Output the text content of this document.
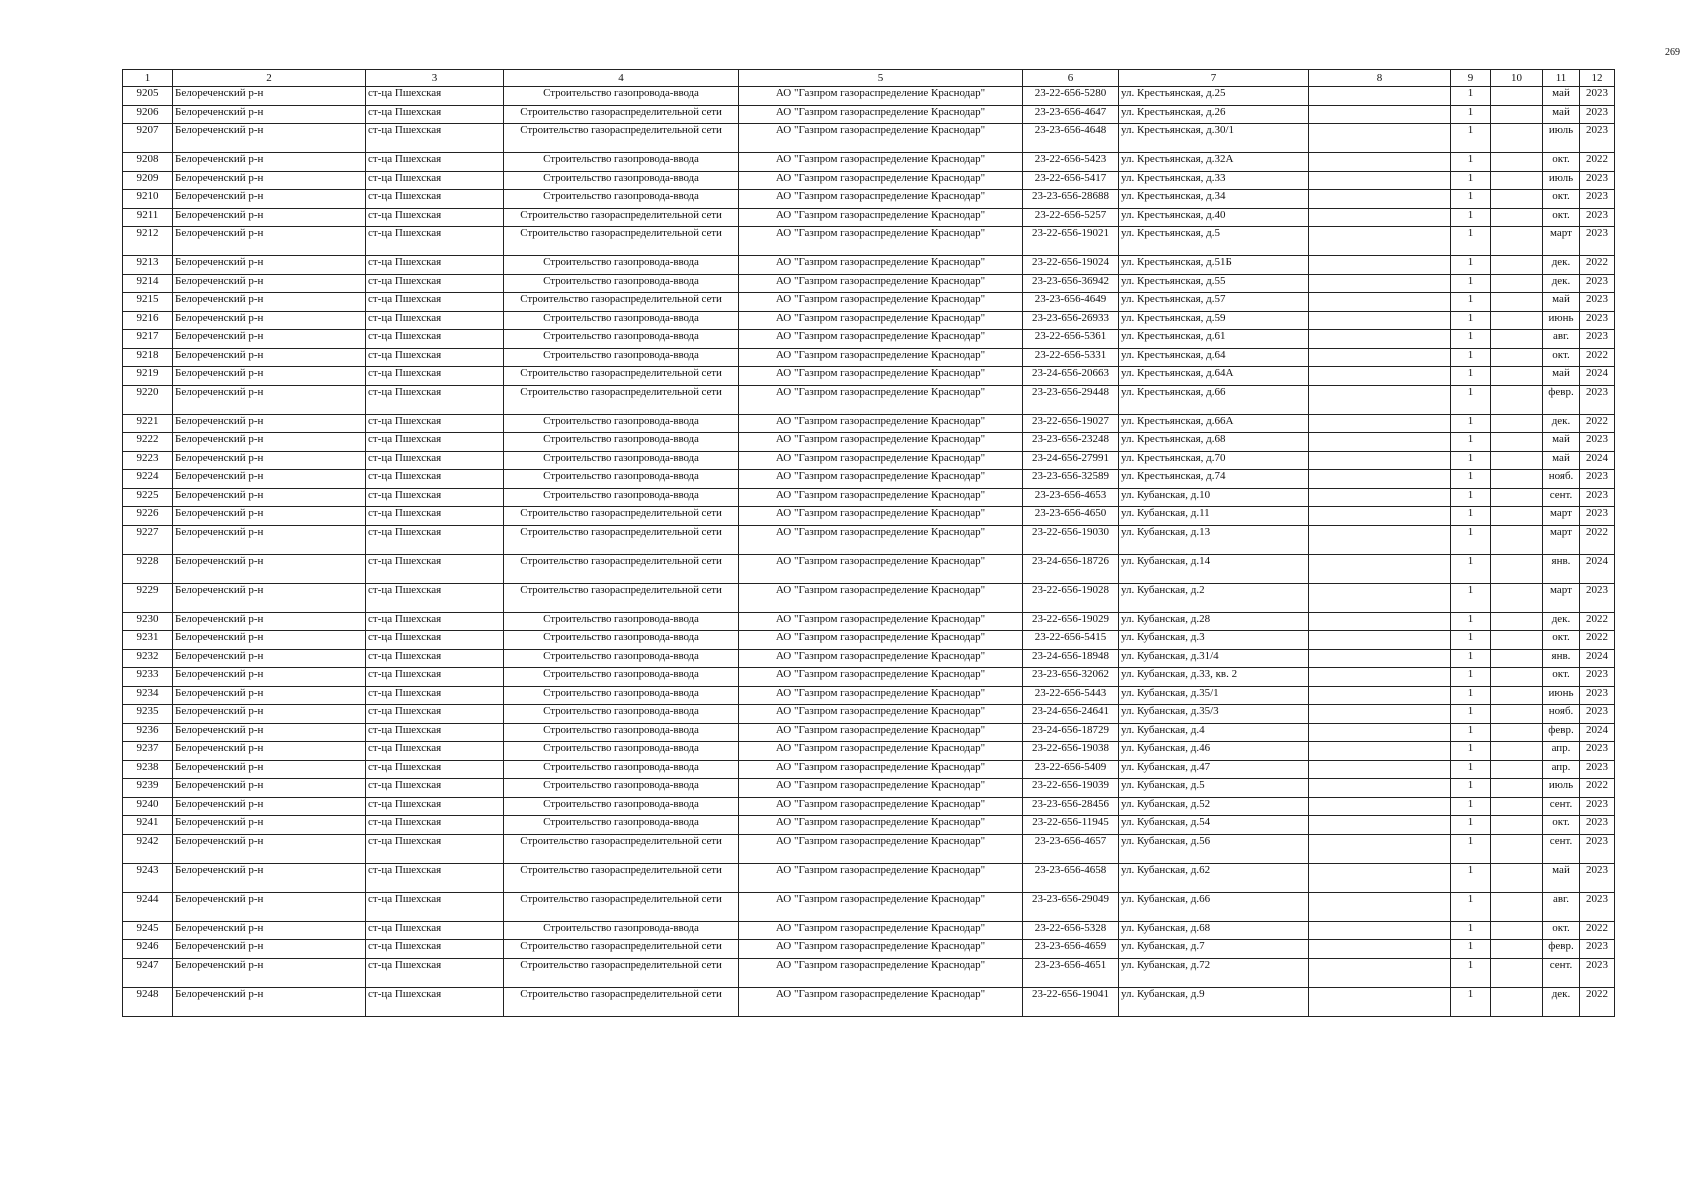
269
1	2	3	4	5	6	7	8	9	10	11	12
9205	Белореченский р-н	ст-ца Пшехская	Строительство газопровода-ввода	АО "Газпром газораспределение Краснодар"	23-22-656-5280	ул. Крестьянская, д.25		1		май	2023
9206	Белореченский р-н	ст-ца Пшехская	Строительство газораспределительной сети	АО "Газпром газораспределение Краснодар"	23-23-656-4647	ул. Крестьянская, д.26		1		май	2023
9207	Белореченский р-н	ст-ца Пшехская	Строительство газораспределительной сети	АО "Газпром газораспределение Краснодар"	23-23-656-4648	ул. Крестьянская, д.30/1		1		июль	2023
9208	Белореченский р-н	ст-ца Пшехская	Строительство газопровода-ввода	АО "Газпром газораспределение Краснодар"	23-22-656-5423	ул. Крестьянская, д.32А		1		окт.	2022
9209	Белореченский р-н	ст-ца Пшехская	Строительство газопровода-ввода	АО "Газпром газораспределение Краснодар"	23-22-656-5417	ул. Крестьянская, д.33		1		июль	2023
9210	Белореченский р-н	ст-ца Пшехская	Строительство газопровода-ввода	АО "Газпром газораспределение Краснодар"	23-23-656-28688	ул. Крестьянская, д.34		1		окт.	2023
9211	Белореченский р-н	ст-ца Пшехская	Строительство газораспределительной сети	АО "Газпром газораспределение Краснодар"	23-22-656-5257	ул. Крестьянская, д.40		1		окт.	2023
9212	Белореченский р-н	ст-ца Пшехская	Строительство газораспределительной сети	АО "Газпром газораспределение Краснодар"	23-22-656-19021	ул. Крестьянская, д.5		1		март	2023
9213	Белореченский р-н	ст-ца Пшехская	Строительство газопровода-ввода	АО "Газпром газораспределение Краснодар"	23-22-656-19024	ул. Крестьянская, д.51Б		1		дек.	2022
9214	Белореченский р-н	ст-ца Пшехская	Строительство газопровода-ввода	АО "Газпром газораспределение Краснодар"	23-23-656-36942	ул. Крестьянская, д.55		1		дек.	2023
9215	Белореченский р-н	ст-ца Пшехская	Строительство газораспределительной сети	АО "Газпром газораспределение Краснодар"	23-23-656-4649	ул. Крестьянская, д.57		1		май	2023
9216	Белореченский р-н	ст-ца Пшехская	Строительство газопровода-ввода	АО "Газпром газораспределение Краснодар"	23-23-656-26933	ул. Крестьянская, д.59		1		июнь	2023
9217	Белореченский р-н	ст-ца Пшехская	Строительство газопровода-ввода	АО "Газпром газораспределение Краснодар"	23-22-656-5361	ул. Крестьянская, д.61		1		авг.	2023
9218	Белореченский р-н	ст-ца Пшехская	Строительство газопровода-ввода	АО "Газпром газораспределение Краснодар"	23-22-656-5331	ул. Крестьянская, д.64		1		окт.	2022
9219	Белореченский р-н	ст-ца Пшехская	Строительство газораспределительной сети	АО "Газпром газораспределение Краснодар"	23-24-656-20663	ул. Крестьянская, д.64А		1		май	2024
9220	Белореченский р-н	ст-ца Пшехская	Строительство газораспределительной сети	АО "Газпром газораспределение Краснодар"	23-23-656-29448	ул. Крестьянская, д.66		1		февр.	2023
9221	Белореченский р-н	ст-ца Пшехская	Строительство газопровода-ввода	АО "Газпром газораспределение Краснодар"	23-22-656-19027	ул. Крестьянская, д.66А		1		дек.	2022
9222	Белореченский р-н	ст-ца Пшехская	Строительство газопровода-ввода	АО "Газпром газораспределение Краснодар"	23-23-656-23248	ул. Крестьянская, д.68		1		май	2023
9223	Белореченский р-н	ст-ца Пшехская	Строительство газопровода-ввода	АО "Газпром газораспределение Краснодар"	23-24-656-27991	ул. Крестьянская, д.70		1		май	2024
9224	Белореченский р-н	ст-ца Пшехская	Строительство газопровода-ввода	АО "Газпром газораспределение Краснодар"	23-23-656-32589	ул. Крестьянская, д.74		1		нояб.	2023
9225	Белореченский р-н	ст-ца Пшехская	Строительство газопровода-ввода	АО "Газпром газораспределение Краснодар"	23-23-656-4653	ул. Кубанская, д.10		1		сент.	2023
9226	Белореченский р-н	ст-ца Пшехская	Строительство газораспределительной сети	АО "Газпром газораспределение Краснодар"	23-23-656-4650	ул. Кубанская, д.11		1		март	2023
9227	Белореченский р-н	ст-ца Пшехская	Строительство газораспределительной сети	АО "Газпром газораспределение Краснодар"	23-22-656-19030	ул. Кубанская, д.13		1		март	2022
9228	Белореченский р-н	ст-ца Пшехская	Строительство газораспределительной сети	АО "Газпром газораспределение Краснодар"	23-24-656-18726	ул. Кубанская, д.14		1		янв.	2024
9229	Белореченский р-н	ст-ца Пшехская	Строительство газораспределительной сети	АО "Газпром газораспределение Краснодар"	23-22-656-19028	ул. Кубанская, д.2		1		март	2023
9230	Белореченский р-н	ст-ца Пшехская	Строительство газопровода-ввода	АО "Газпром газораспределение Краснодар"	23-22-656-19029	ул. Кубанская, д.28		1		дек.	2022
9231	Белореченский р-н	ст-ца Пшехская	Строительство газопровода-ввода	АО "Газпром газораспределение Краснодар"	23-22-656-5415	ул. Кубанская, д.3		1		окт.	2022
9232	Белореченский р-н	ст-ца Пшехская	Строительство газопровода-ввода	АО "Газпром газораспределение Краснодар"	23-24-656-18948	ул. Кубанская, д.31/4		1		янв.	2024
9233	Белореченский р-н	ст-ца Пшехская	Строительство газопровода-ввода	АО "Газпром газораспределение Краснодар"	23-23-656-32062	ул. Кубанская, д.33, кв. 2		1		окт.	2023
9234	Белореченский р-н	ст-ца Пшехская	Строительство газопровода-ввода	АО "Газпром газораспределение Краснодар"	23-22-656-5443	ул. Кубанская, д.35/1		1		июнь	2023
9235	Белореченский р-н	ст-ца Пшехская	Строительство газопровода-ввода	АО "Газпром газораспределение Краснодар"	23-24-656-24641	ул. Кубанская, д.35/3		1		нояб.	2023
9236	Белореченский р-н	ст-ца Пшехская	Строительство газопровода-ввода	АО "Газпром газораспределение Краснодар"	23-24-656-18729	ул. Кубанская, д.4		1		февр.	2024
9237	Белореченский р-н	ст-ца Пшехская	Строительство газопровода-ввода	АО "Газпром газораспределение Краснодар"	23-22-656-19038	ул. Кубанская, д.46		1		апр.	2023
9238	Белореченский р-н	ст-ца Пшехская	Строительство газопровода-ввода	АО "Газпром газораспределение Краснодар"	23-22-656-5409	ул. Кубанская, д.47		1		апр.	2023
9239	Белореченский р-н	ст-ца Пшехская	Строительство газопровода-ввода	АО "Газпром газораспределение Краснодар"	23-22-656-19039	ул. Кубанская, д.5		1		июль	2022
9240	Белореченский р-н	ст-ца Пшехская	Строительство газопровода-ввода	АО "Газпром газораспределение Краснодар"	23-23-656-28456	ул. Кубанская, д.52		1		сент.	2023
9241	Белореченский р-н	ст-ца Пшехская	Строительство газопровода-ввода	АО "Газпром газораспределение Краснодар"	23-22-656-11945	ул. Кубанская, д.54		1		окт.	2023
9242	Белореченский р-н	ст-ца Пшехская	Строительство газораспределительной сети	АО "Газпром газораспределение Краснодар"	23-23-656-4657	ул. Кубанская, д.56		1		сент.	2023
9243	Белореченский р-н	ст-ца Пшехская	Строительство газораспределительной сети	АО "Газпром газораспределение Краснодар"	23-23-656-4658	ул. Кубанская, д.62		1		май	2023
9244	Белореченский р-н	ст-ца Пшехская	Строительство газораспределительной сети	АО "Газпром газораспределение Краснодар"	23-23-656-29049	ул. Кубанская, д.66		1		авг.	2023
9245	Белореченский р-н	ст-ца Пшехская	Строительство газопровода-ввода	АО "Газпром газораспределение Краснодар"	23-22-656-5328	ул. Кубанская, д.68		1		окт.	2022
9246	Белореченский р-н	ст-ца Пшехская	Строительство газораспределительной сети	АО "Газпром газораспределение Краснодар"	23-23-656-4659	ул. Кубанская, д.7		1		февр.	2023
9247	Белореченский р-н	ст-ца Пшехская	Строительство газораспределительной сети	АО "Газпром газораспределение Краснодар"	23-23-656-4651	ул. Кубанская, д.72		1		сент.	2023
9248	Белореченский р-н	ст-ца Пшехская	Строительство газораспределительной сети	АО "Газпром газораспределение Краснодар"	23-22-656-19041	ул. Кубанская, д.9		1		дек.	2022
